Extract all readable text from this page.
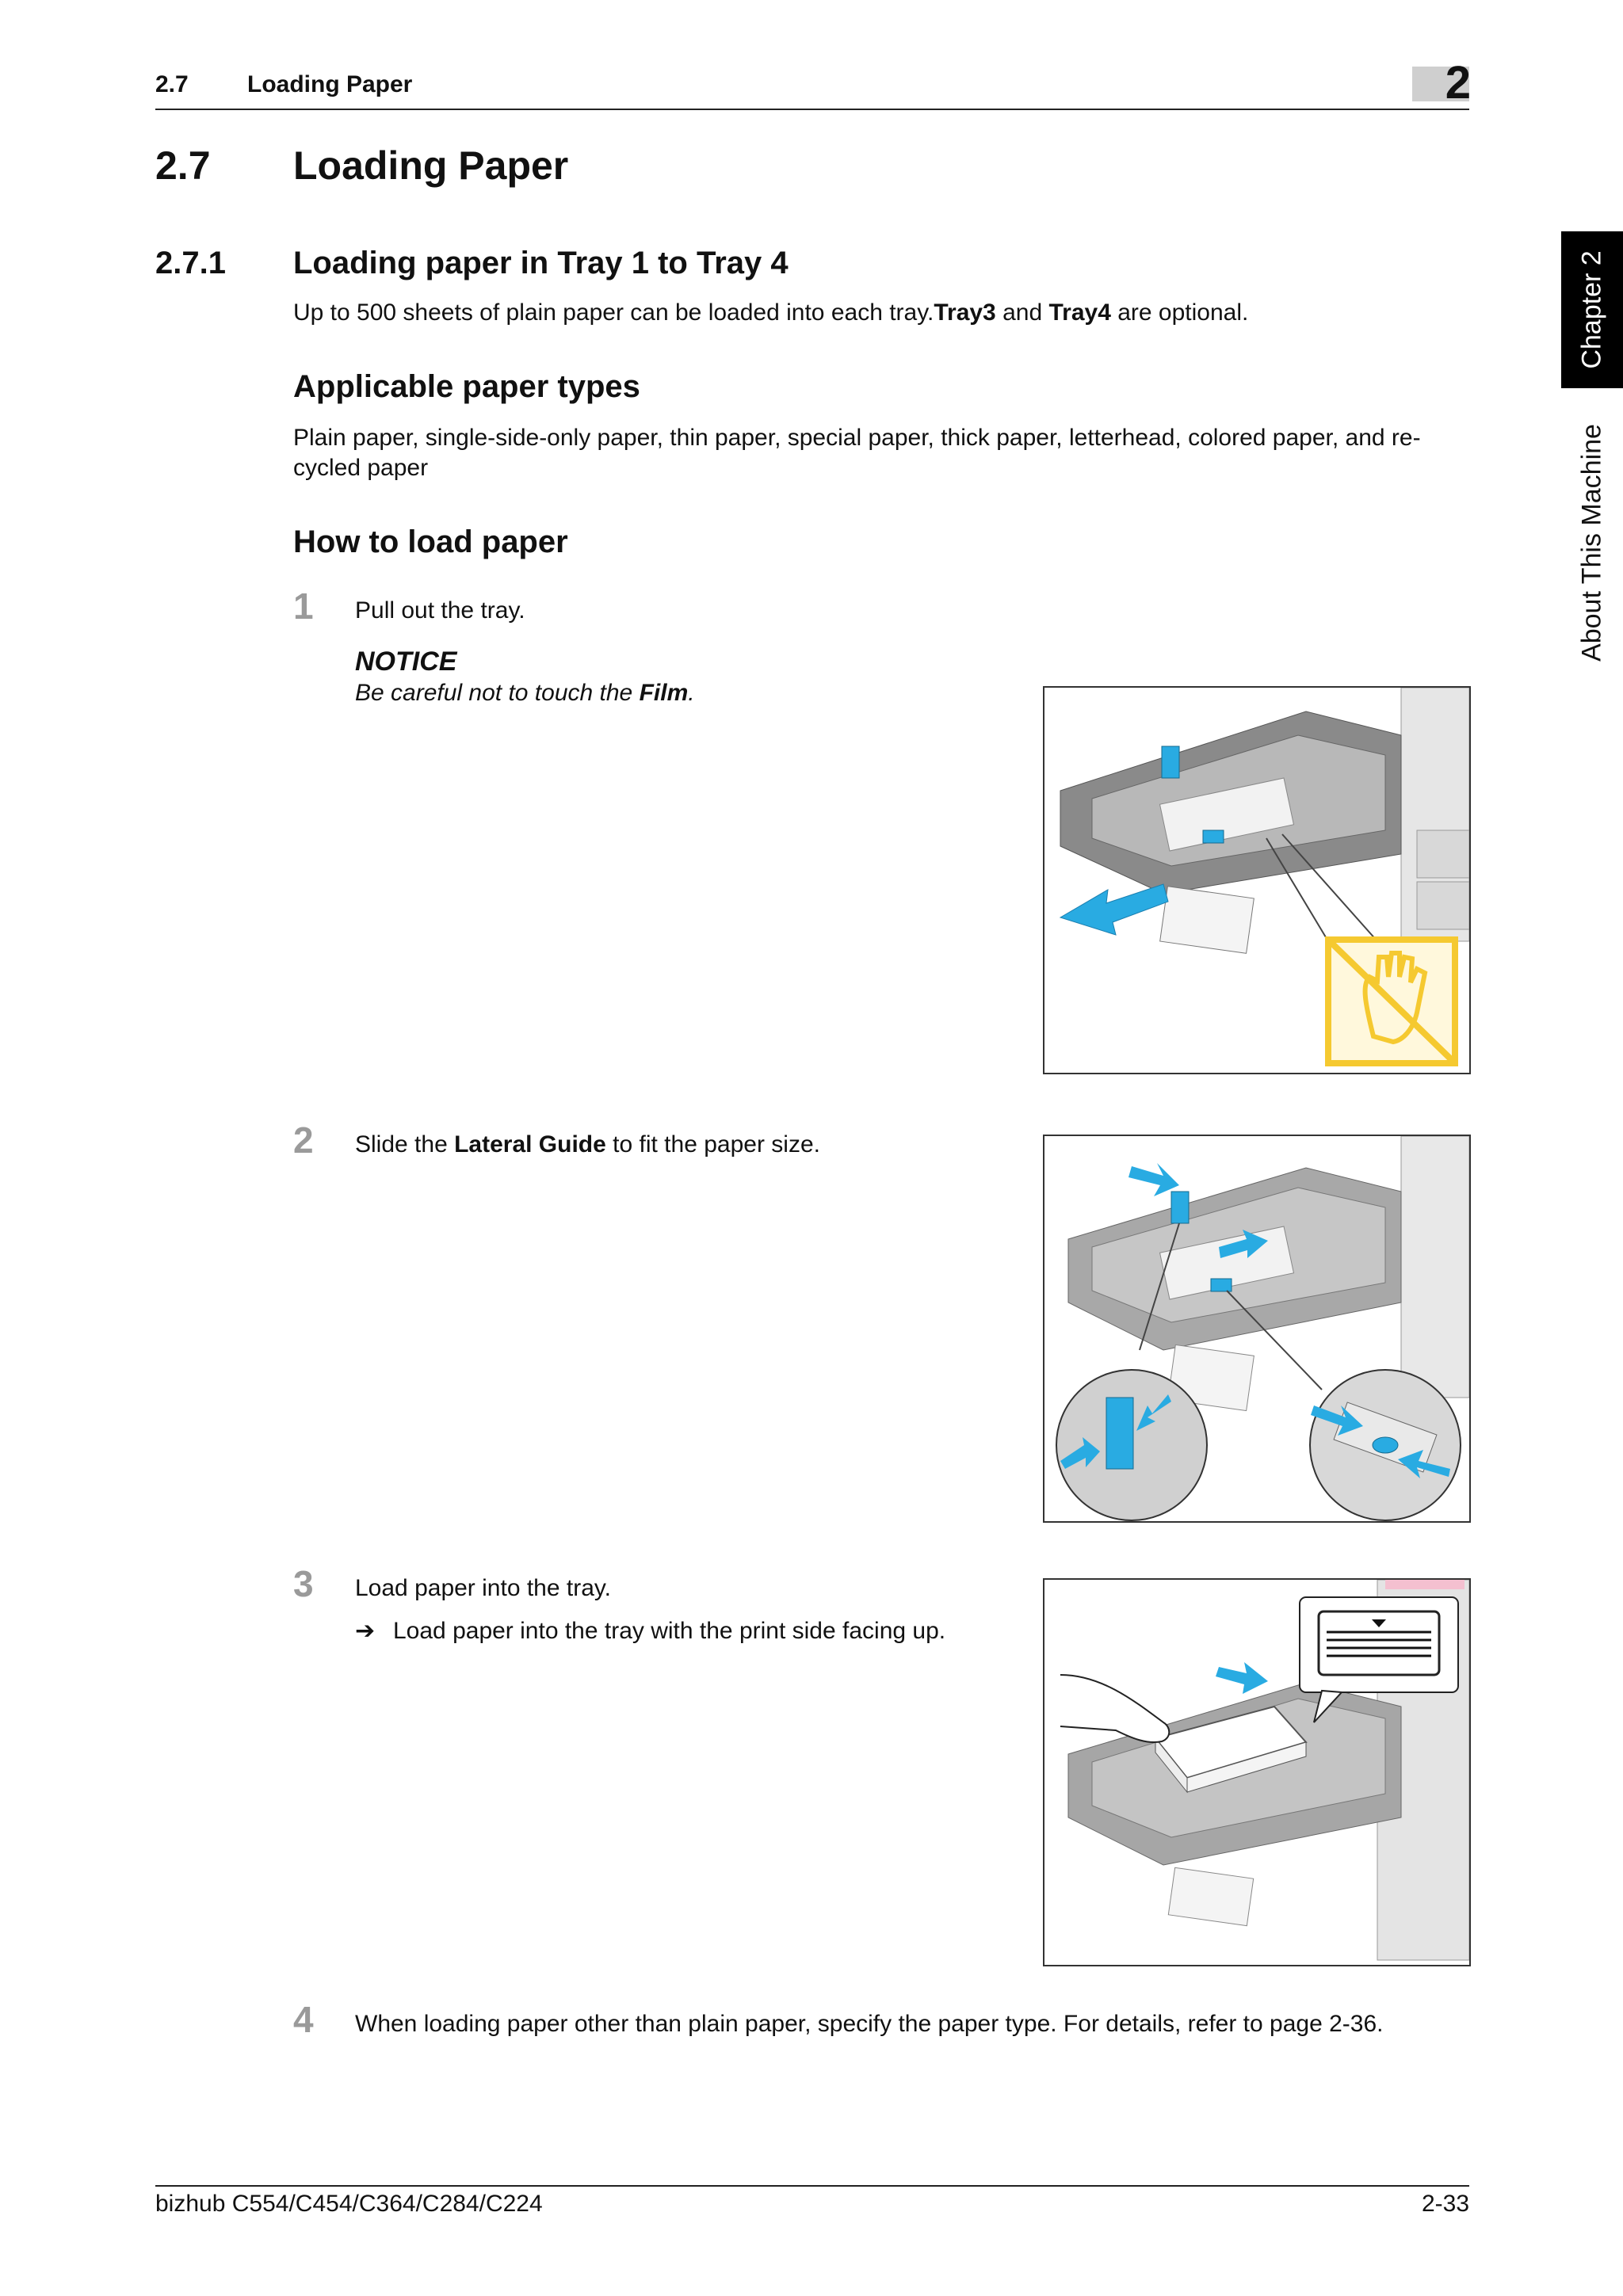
2.7 Loading Paper	2
Chapter 2
About This Machine
2.7 Loading Paper
2.7.1 Loading paper in Tray 1 to Tray 4
Up to 500 sheets of plain paper can be loaded into each tray.Tray3 and Tray4 are optional.
Applicable paper types
Plain paper, single-side-only paper, thin paper, special paper, thick paper, letterhead, colored paper, and re-
cycled paper
How to load paper
1 Pull out the tray.
NOTICE
Be careful not to touch the Film.
2 Slide the Lateral Guide to fit the paper size.
3 Load paper into the tray.
➔ Load paper into the tray with the print side facing up.
4 When loading paper other than plain paper, specify the paper type. For details, refer to page 2-36.
bizhub C554/C454/C364/C284/C224	2-33
